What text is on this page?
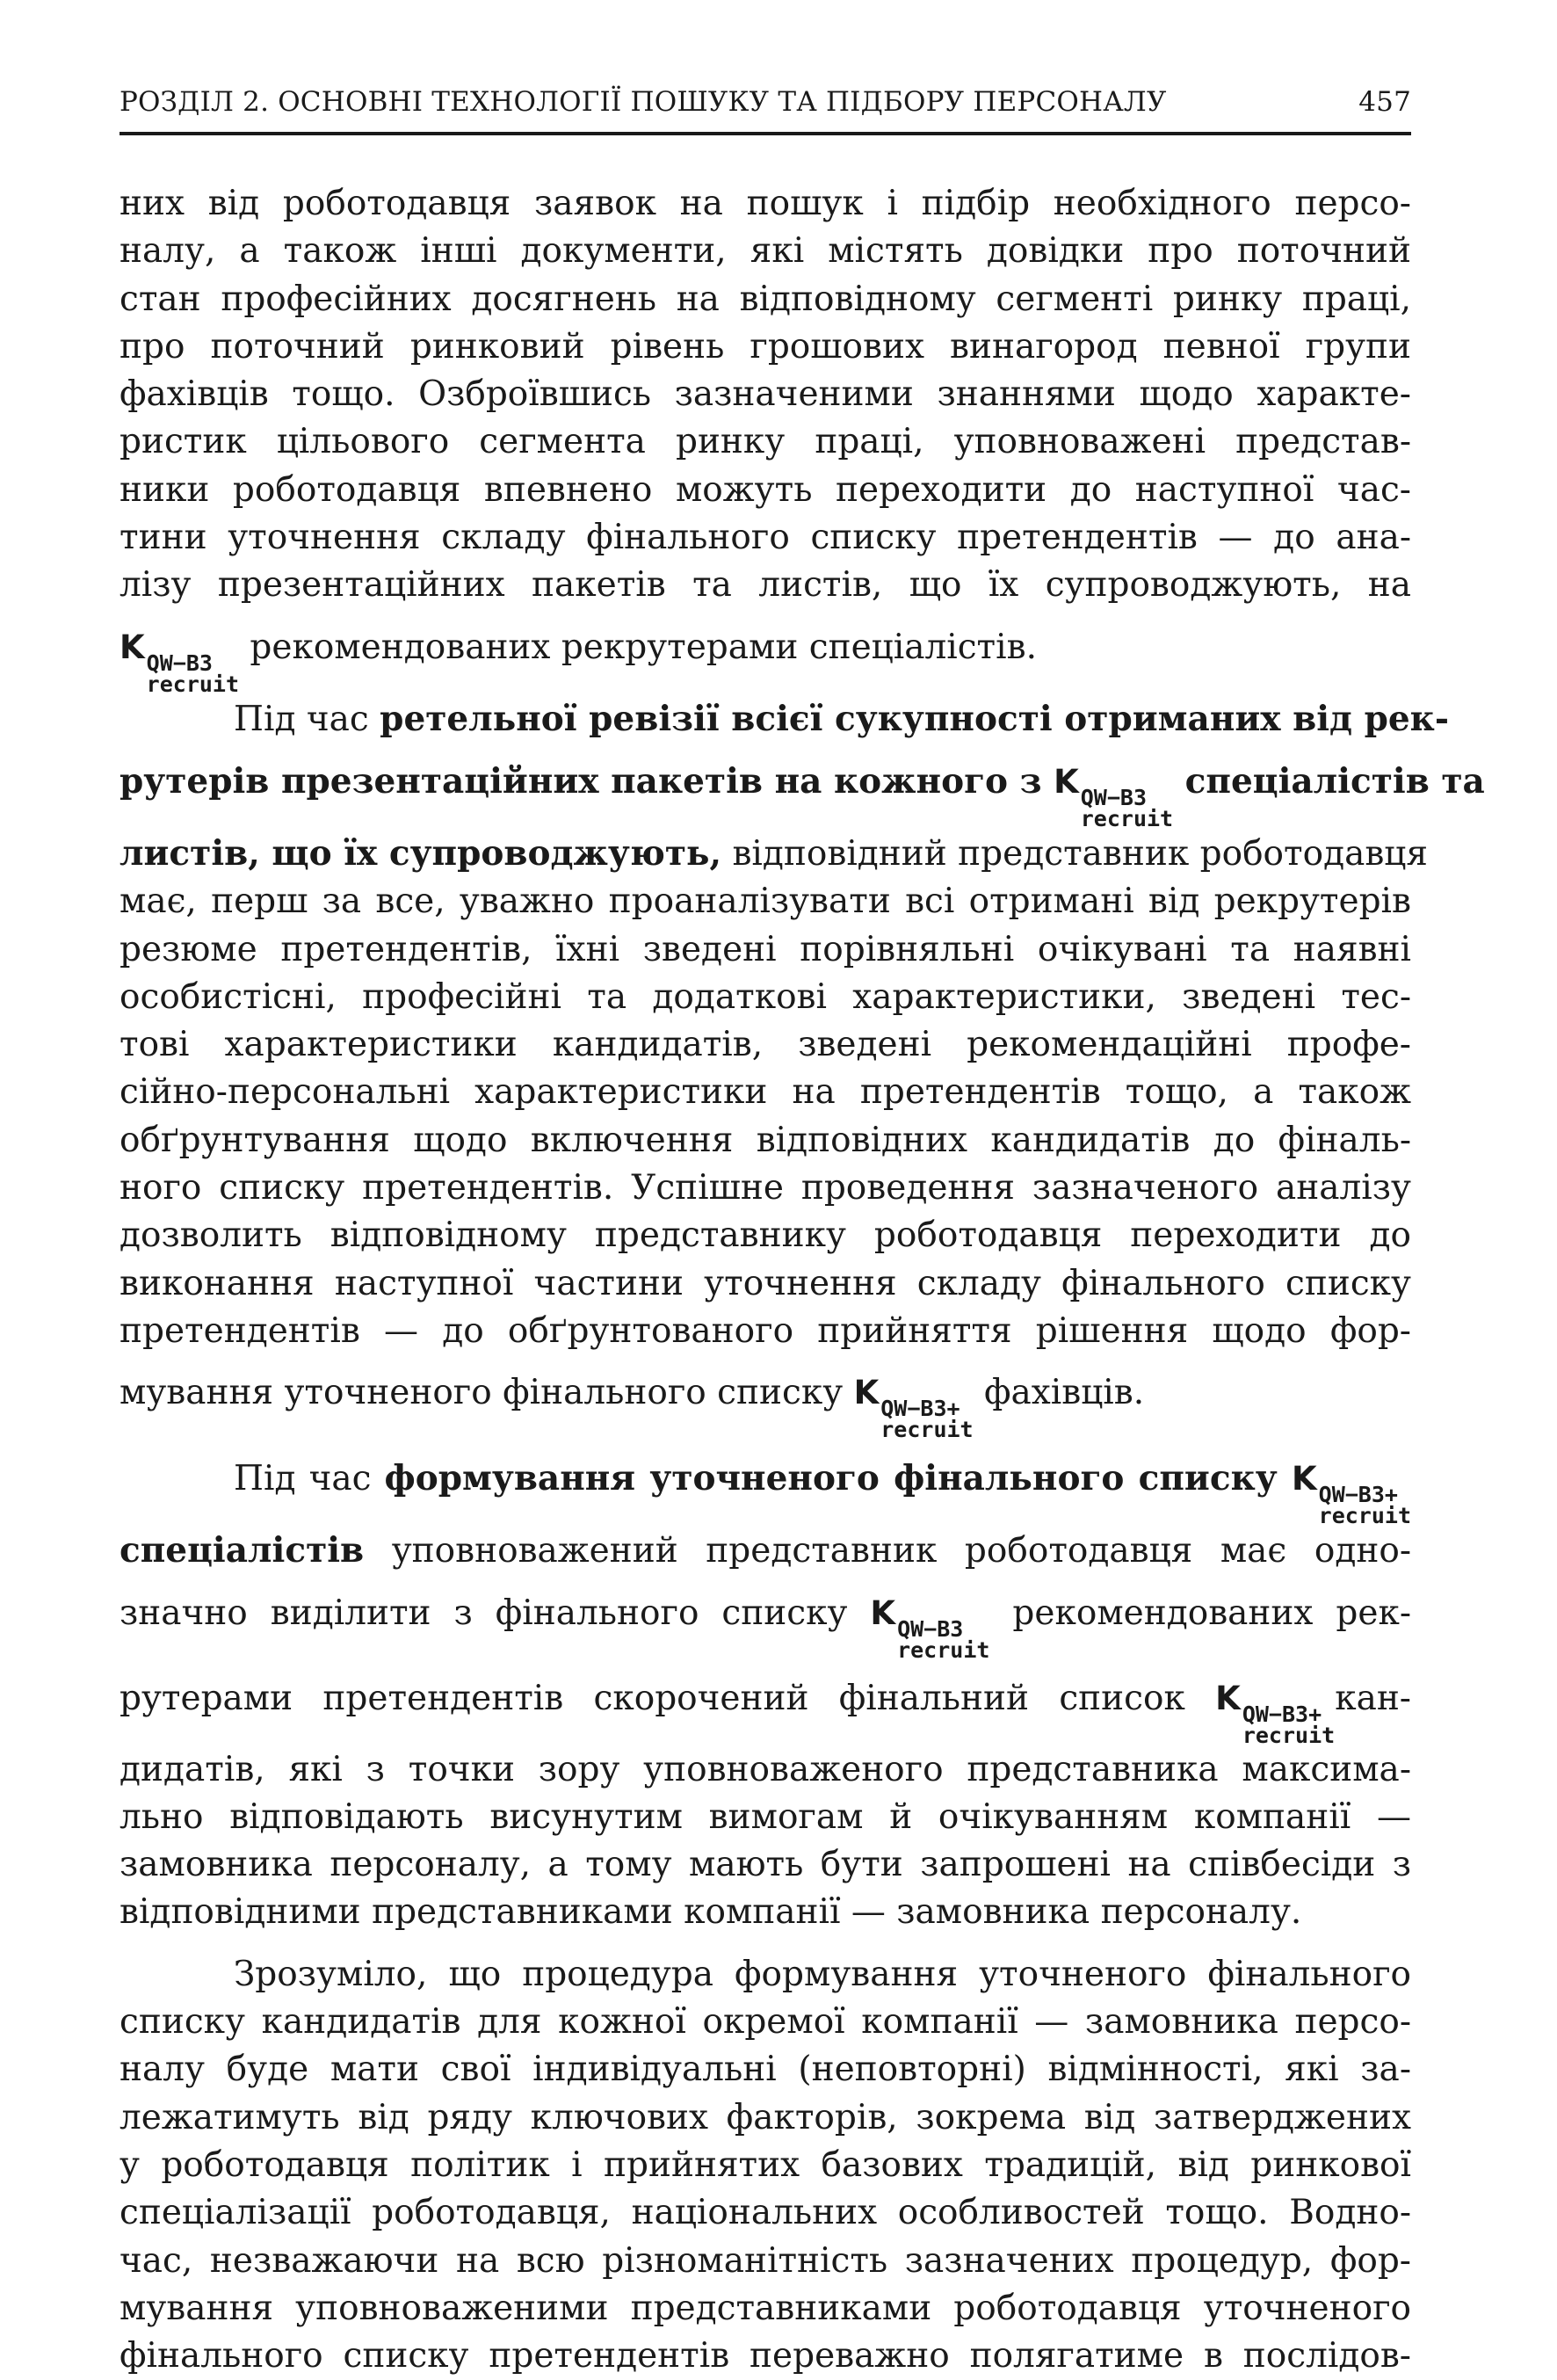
РОЗДІЛ 2. ОСНОВНІ ТЕХНОЛОГІЇ ПОШУКУ ТА ПІДБОРУ ПЕРСОНАЛУ	457
них від роботодавця заявок на пошук і підбір необхідного персо-
налу, а також інші документи, які містять довідки про поточний
стан професійних досягнень на відповідному сегменті ринку праці,
про поточний ринковий рівень грошових винагород певної групи
фахівців тощо. Озброївшись зазначеними знаннями щодо характе-
ристик цільового сегмента ринку праці, уповноважені представ-
ники роботодавця впевнено можуть переходити до наступної час-
тини уточнення складу фінального списку претендентів — до ана-
лізу презентаційних пакетів та листів, що їх супроводжують, на
K QW−B3
recruit
рекомендованих рекрутерами спеціалістів.
Під час ретельної ревізії всієї сукупності отриманих від рек-
рутерів презентаційних пакетів на кожного з K QW−B3
recruit
спеціалістів та
листів, що їх супроводжують, відповідний представник роботодавця
має, перш за все, уважно проаналізувати всі отримані від рекрутерів
резюме претендентів, їхні зведені порівняльні очікувані та наявні
особистісні, професійні та додаткові характеристики, зведені тес-
тові характеристики кандидатів, зведені рекомендаційні профе-
сійно-персональні характеристики на претендентів тощо, а також
обґрунтування щодо включення відповідних кандидатів до фіналь-
ного списку претендентів. Успішне проведення зазначеного аналізу
дозволить відповідному представнику роботодавця переходити до
виконання наступної частини уточнення складу фінального списку
претендентів — до обґрунтованого прийняття рішення щодо фор-
мування уточненого фінального списку K QW−B3+
recruit
фахівців.
Під час формування уточненого фінального списку K QW−B3+
recruit
спеціалістів уповноважений представник роботодавця має одно-
значно виділити з фінального списку K QW−B3
recruit
рекомендованих рек-
рутерами претендентів скорочений фінальний список K QW−B3+
recruit
кан-
дидатів, які з точки зору уповноваженого представника максима-
льно відповідають висунутим вимогам й очікуванням компанії —
замовника персоналу, а тому мають бути запрошені на співбесіди з
відповідними представниками компанії — замовника персоналу.
Зрозуміло, що процедура формування уточненого фінального
списку кандидатів для кожної окремої компанії — замовника персо-
налу буде мати свої індивідуальні (неповторні) відмінності, які за-
лежатимуть від ряду ключових факторів, зокрема від затверджених
у роботодавця політик і прийнятих базових традицій, від ринкової
спеціалізації роботодавця, національних особливостей тощо. Водно-
час, незважаючи на всю різноманітність зазначених процедур, фор-
мування уповноваженими представниками роботодавця уточненого
фінального списку претендентів переважно полягатиме в послідов-
